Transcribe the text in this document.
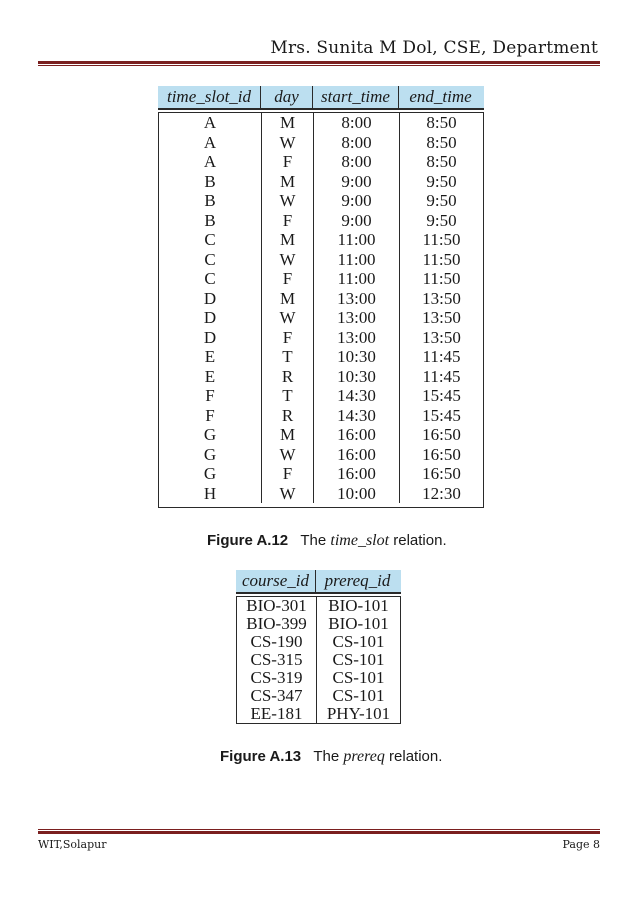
Mrs. Sunita M Dol, CSE, Department
time_slot_id	day	start_time	end_time
A	M	8:00	8:50
A	W	8:00	8:50
A	F	8:00	8:50
B	M	9:00	9:50
B	W	9:00	9:50
B	F	9:00	9:50
C	M	11:00	11:50
C	W	11:00	11:50
C	F	11:00	11:50
D	M	13:00	13:50
D	W	13:00	13:50
D	F	13:00	13:50
E	T	10:30	11:45
E	R	10:30	11:45
F	T	14:30	15:45
F	R	14:30	15:45
G	M	16:00	16:50
G	W	16:00	16:50
G	F	16:00	16:50
H	W	10:00	12:30
Figure A.12 The time_slot relation.
course_id prereq_id
BIO-301	BIO-101
BIO-399	BIO-101
CS-190	CS-101
CS-315	CS-101
CS-319	CS-101
CS-347	CS-101
EE-181	PHY-101
Figure A.13 The prereq relation.
WIT,Solapur	Page 8
